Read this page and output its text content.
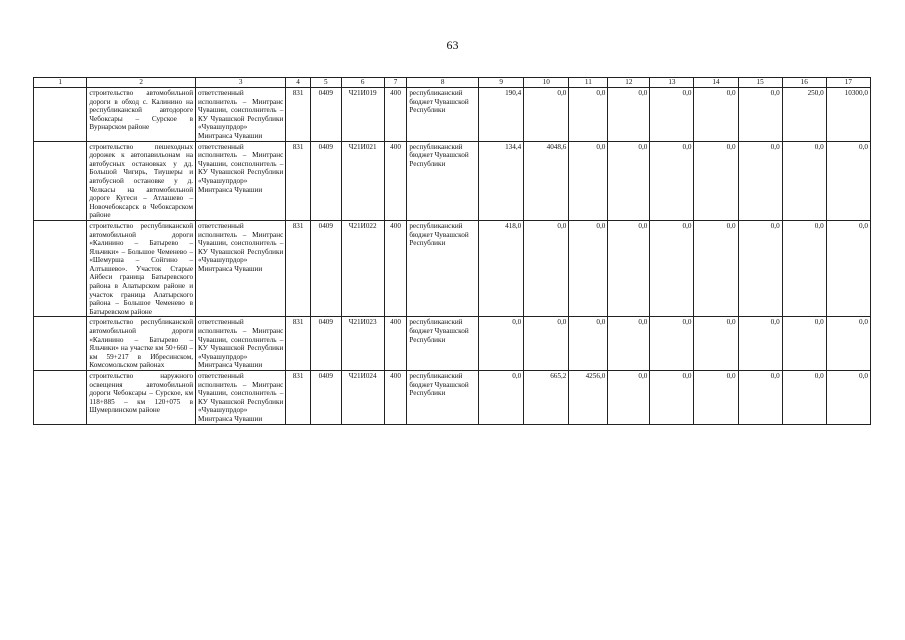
63
1	2	3	4	5	6	7	8	9	10	11	12	13	14	15	16	17
	строительство автомобильной дороги в обход с. Калинино на республиканской автодороге Чебоксары – Сурское в Вурнарском районе	ответственный исполнитель – Минтранс Чувашии, соисполнитель – КУ Чувашской Республики «Чувашупрдор» Минтранса Чувашии	831	0409	Ч21И019	400	республиканский бюджет Чувашской Республики	190,4	0,0	0,0	0,0	0,0	0,0	0,0	250,0	10300,0
	строительство пешеходных дорожек к автопавильонам на автобусных остановках у дд. Большой Чигирь, Тиушеры и автобусной остановке у д. Челкасы на автомобильной дороге Кугеси – Атлашево – Новочебоксарск в Чебоксарском районе	ответственный исполнитель – Минтранс Чувашии, соисполнитель – КУ Чувашской Республики «Чувашупрдор» Минтранса Чувашии	831	0409	Ч21И021	400	республиканский бюджет Чувашской Республики	134,4	4048,6	0,0	0,0	0,0	0,0	0,0	0,0	0,0
	строительство республиканской автомобильной дороги «Калинино – Батырево – Яльчики» – Большое Чеменево – «Шемурша – Сойгино – Алтышево». Участок Старые Айбеси граница Батыревского района в Алатырском районе и участок граница Алатырского района – Большое Чеменево в Батыревском районе	ответственный исполнитель – Минтранс Чувашии, соисполнитель – КУ Чувашской Республики «Чувашупрдор» Минтранса Чувашии	831	0409	Ч21И022	400	республиканский бюджет Чувашской Республики	418,0	0,0	0,0	0,0	0,0	0,0	0,0	0,0	0,0
	строительство республиканской автомобильной дороги «Калинино – Батырево – Яльчики» на участке км 50+660 – км 59+217 в Ибресинском, Комсомольском районах	ответственный исполнитель – Минтранс Чувашии, соисполнитель – КУ Чувашской Республики «Чувашупрдор» Минтранса Чувашии	831	0409	Ч21И023	400	республиканский бюджет Чувашской Республики	0,0	0,0	0,0	0,0	0,0	0,0	0,0	0,0	0,0
	строительство наружного освещения автомобильной дороги Чебоксары – Сурское, км 118+885 – км 120+075 в Шумерлинском районе	ответственный исполнитель – Минтранс Чувашии, соисполнитель – КУ Чувашской Республики «Чувашупрдор» Минтранса Чувашии	831	0409	Ч21И024	400	республиканский бюджет Чувашской Республики	0,0	665,2	4256,0	0,0	0,0	0,0	0,0	0,0	0,0
